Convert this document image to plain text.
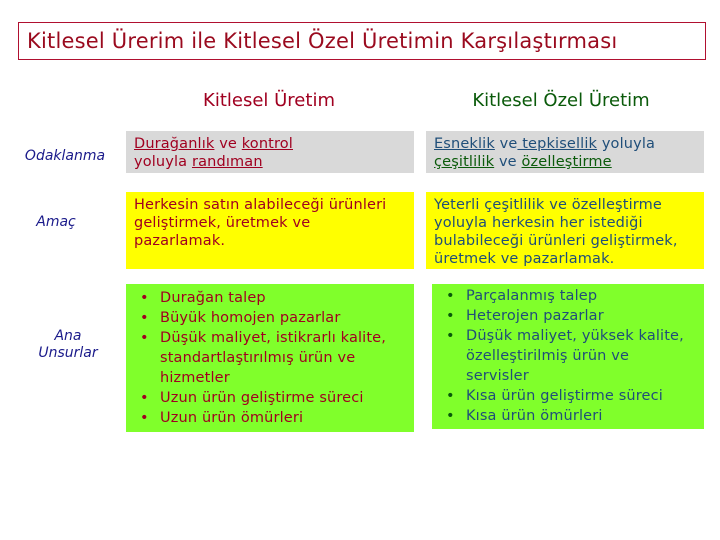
Kitlesel Ürerim ile Kitlesel Özel Üretimin Karşılaştırması
Kitlesel Üretim	Kitlesel Özel Üretim
Odaklanma
Durağanlık ve kontrol
yoluyla randıman
Esneklik ve tepkisellik yoluyla
çeşitlilik ve özelleştirme
Amaç
Herkesin satın alabileceği ürünleri geliştirmek, üretmek ve pazarlamak.
Yeterli çeşitlilik ve özelleştirme yoluyla herkesin her istediği bulabileceği ürünleri geliştirmek, üretmek ve pazarlamak.
Ana
Unsurlar
• Durağan talep
• Büyük homojen pazarlar
• Düşük maliyet, istikrarlı kalite, standartlaştırılmış ürün ve hizmetler
• Uzun ürün geliştirme süreci
• Uzun ürün ömürleri
• Parçalanmış talep
• Heterojen pazarlar
• Düşük maliyet, yüksek kalite, özelleştirilmiş ürün ve servisler
• Kısa ürün geliştirme süreci
• Kısa ürün ömürleri
